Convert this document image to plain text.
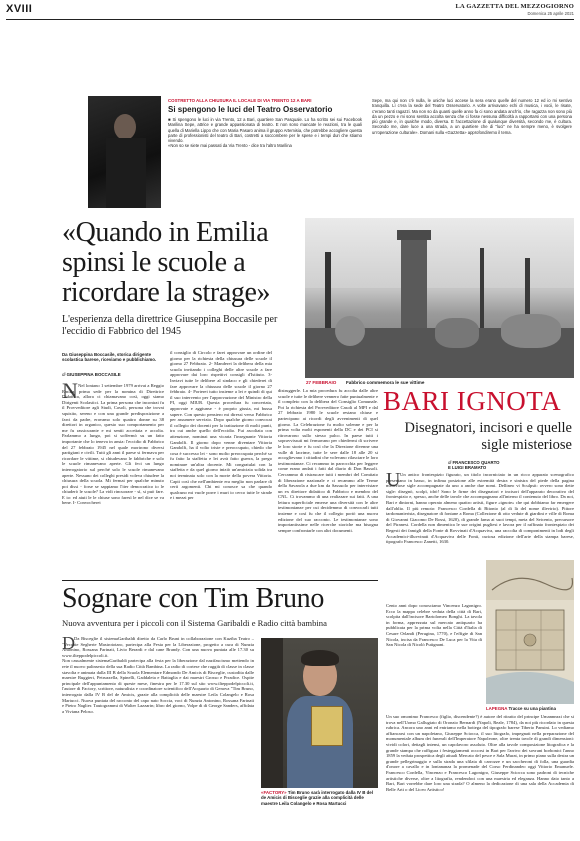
XVIII	LA GAZZETTA DEL MEZZOGIORNO
Domenica 25 aprile 2021
COSTRETTO ALLA CHIUSURA IL LOCALE DI VIA TRENTO 12 A BARI
Si spengono le luci del Teatro Osservatorio
■ Si spengono le luci in via Trento, 12 a Bari, quartiere San Pasquale. Lo ha scritto sei sui Facebook Marilina Sepe, attrice e grande appassionata di teatro. E non sono mancate le reazioni, tra le quali quella di Mariella Lippo che con Maria Pasaro anima il gruppo Artemisia, che potrebbe accogliere questa parte di professionisti del teatro di Bari, costretti a soccombere per le spese e i tempi duri che stiamo vivendo.
«Non so se siete mai passati da Via Trento - dice tra l'altro Marilina
Sepe, ma qui non c'è nulla, le uniche luci accese la sera erano quelle del numero 12 ed io mi sentivo tranquilla. Lì c'era la sede del Teatro Osservatorio. A volte arrivavano echi di musica, i vocii, le risate, c'erano tanti ragazzi. Ma non so da quanti quelle anno fa ci sono andata anch'io, che ragazza non sono più da un pezzo e mi sono sentita accolta senza che ci fosse nessuna difficoltà a rapportarsi con una persona più grande e, in qualche modo, diversa. E l'accettazione di qualunque diversità, secondo me, è cultura. Secondo me, dare luce a una strada, a un quartiere che di "luci" ne ha sempre meno, è svolgere un'operazione culturale». Domani sulla «Gazzetta» approfondiremo il tema.
«Quando in Emilia spinsi le scuole a ricordare la strage»
L'esperienza della direttrice Giuseppina Boccasile per l'eccidio di Fabbrico del 1945
27 FEBBRAIO Fabbrico commemora le sue vittime
Da Giuseppina Boccasile, storica dirigente scolastica barese, riceviamo e pubblichiamo.
di GIUSEPPINA BOCCASILE
N Nel lontano 1 settembre 1979 arrivai a Reggio Emilia, prima sede per la nomina di Direttrice Didattica, allora ci chiamavano così, oggi siamo Dirigenti Scolastici. La prima persona che incontrai fu il Provveditore agli Studi, Casoli, persona che trovai squisito, sereno e con una grande predisposizione a farci da padre, eravamo solo quattro donne su 38 direttori in organico, questo suo comportamento per me fu rassicurante e mi sentii accettata e accolta. Parlammo a lungo, poi si soffermò su un fatto importante che lo teneva in ansia: l'eccidio di Fabbrico del 27 febbraio 1945 nel quale morirono diversi partigiani e civili. Tutti gli anni il paese si fermava per ricordare le vittime, si chiudevano le fabbriche e solo le scuole rimanevano aperte. Gli feci un lungo interrogatorio sul perché solo le scuole rimanevano aperte. Nessuno dei colleghi presidi voleva chiudere la chiusura della scuola. Mi fermai per qualche minuto poi dissi - forse se sappiamo l'iter democratico io le chiuderò le scuole? La vidi rincuorare - sì, si può fare. E io: ed aiuti le le chiuse sono faresì le nel dice se va bene. I- Convocherei
il consiglio di Circolo e farei approvare un ordine del giorno per la richiesta della chiusura delle scuole il giorno 27 Febbraio. 2- Manderei la delibera della mia scuola invitando i colleghi delle altre scuole a fare approvare dai loro rispettivi consigli d'Istituto. 3- Inviavi tutte le delibere al sindaco e gli chiederei di fare approvare la chiusura delle scuole il giorno 27 febbraio. 4- Porterei tutto insieme a lei e quindi di qui il suo intervento per l'approvazione del Ministro della PI, oggi MIUR. Questa procedura fu concertata, approvate e aggiunse - è proprio giusta, mi bussa sapere. Con questo pensiero mi diressi verso Fabbrico per assumere servizio. Dopo qualche giorno convocai il collegio dei docenti per la trattazione di molti punti, tra cui anche quello dell'eccidio. Fui ascoltata con attenzione, nominai una vicaria l'insegnante Vittoria Gandolfi. Il giorno dopo venne diventare Vittoria Gandolfi, ha il volto triste e preoccupato, chiedo che cosa è successo lei - sono molto preoccupata perché so fu fatto la staffetta e lei avrà fatto guerra, la prego nominare un'altra docente. Mi congratulai con la staffetta e da quel giorno iniziò un'amicizia solida tra noi terminata solo con la morte della povera Vittoria. Capii così che nell'ambiente era meglio non parlare di certi argomenti. Chi mi conosce sa che quando qualcuno mi vuole porre i muri io cerco tutte le strade e i mezzi per
distruggerle. La mia procedura fu accolta dalle altre scuole e tutte le delibere vennero fatte puntualmente e il completo con la delibera del Consiglio Comunale. Poi la richiesta del Provveditore Casoli al MPI e dal 27 febbraio 1980 le scuole restano chiuse e partecipano ai ricordi degli avvenimenti di quel giorno. La Celebrazione fu molto solenne e per la prima volta molti esponenti della DC e dei PCI si ritrovarono sullo stesso palco. In paese tutti i sopravvissuti mi fermavano per chiedermi di scrivere le loro storie e fu così che la Direzione divenne una vulle di lacrime, tutte le sere dalle 18 alle 20 si accoglievano i cittadini che volevano rilasciare le loro testimonianze. Ci recammo in parrocchia per leggere come erano andati i fatti dal diario di Don Bassoli. Cercammo di ristrascare tutti i membri del Comitato di liberazione nazionale e ci recammo alle Terme della Savarola a due km da Sassuolo per intervistare un ex direttore didattico di Fabbrico e membro del CNL. Ci trovammo di una realizzare sui fatti. A una lettura superficiale emerse una diversità con le altre testimonianze per cui decidemmo di convocarli tutti insieme e così fu che il collegio portò una nuova edizione del suo racconto. Le testimonianze sono importantissime nelle ricerche storiche ma bisogna sempre confrontarle con altri documenti.
BARI IGNOTA
Disegnatori, incisori e quelle sigle misteriose
di FRANCESCO QUARTO
E LUIGI BRAMATO
U Un antico frontespizio figurato, un titolo incorniciato in un ricco apparato scenografico presentano in basso, in infima posizione alle estremità destra e sinistra del piede della pagina misteriose sigle accompagnate da uno a anche due nomi. Dellineo vi Sculpsit: ovvero sono dette sigle: disegnò, scolpì, idrò! Sono le firme dei disegnatori e incisori dell'apparato decorativo del frontespizio e, spesso, anche delle tavole che accompagnano all'interno il contenuto del libro. Da noi, Bari e dintorni, hanno operato almeno quattro artisti, figure «ignote» che qui dobbiamo far emergere dall'oblio. Il più remoto: Francesco Cordella di Bitonto (al di là del nome illevirio). Pittore tardomanierista, disegnatore di fontane a Roma (Collezione di otto vedute di giardini e ville di Roma di Giovanni Giacomo De Rossi, 1620), di grande fama ai suoi tempi, meta del Seicento, precursore del Piranesi. Cordella non dimentica le sue origini pugliesi e lavora per il raffinato frontespizio dei Regesti dei famigli della Fonte di Rovvinati d'Acquaviva, una raccolta di componimenti in lodi degli Accademici-illuvvinati d'Acquaviva delle Fonti, curiosa edizione dell'arte della stampa barese, tipografo Francesco Zanetti, 1630.
Cento anni dopo conosciamo Vincenzo Lagonigro. Ecco la mappa celebre veduta della città di Bari, scolpita dall'incisore Bartolomeo Bonghi. La tavola in forma, apprezzata sul mercato antiquario ha pubblicata per la prima volta nella Città d'Italia di Cesare Orlandi (Perugina, 1770), e l'effigie di San Nicola, incisa da Francesco De Luca per la Vita di San Nicola di Nicolò Putignani.
LAPEGNA Tracce su una piantina
Un suo omonimo Francesco (figlio, discendente?) è autore del ritratto del principe Umannnzzi che si trova nell'Uomo Gallugiato di Oronzio Bernardi (Napoli, Reale, 1784), da noi più ricordato in questa rubrica. Ancora uno anni ed entriamo nella bottega del tipografo barese Tiberio Pansini. Lo vediamo affiancarsi con un napoletano, Giuseppe Sciocca, il suo litografo, impegnati nella preparazione del monumentale album dei funerali dell'Imperatore Napoleone, oltre trenta tavole di grandi dimensioni: vividi colori, dettagli intensi, un capolavoro assoluto. Oltre alla tavole composizione litografica e la grande stampa che raffigura i festeggiamenti occorsi in Bari per l'arrivo dei sovrani borbonici l'anno 1859 la veduta prospettica degli attuali Mercato del pesce e Sala Murat, in primo piano sulla destra un grande pellegrinaggio e sulla strada una sfilata di carrozze e un saccheroni di folla, una guardia d'onore a cavallo e in lontananza la promenade del Corso Ferdinandeo oggi Vittorio Emanuele. Francesco Cordella, Vincenzo e Francesco Lagonigro, Giuseppe Sciocca sono padroni di tecniche artistiche diverse, oltre a litografia, rendendoci con una maestria ed eleganza. Hanno dato tanto a Bari, Bari vorrebbe dare loro una strada? O almeno la dedicazione di una sala della Accademia di Belle Arti o del Liceo Artistico!
Sognare con Tim Bruno
Nuova avventura per i piccoli con il Sistema Garibaldi e Radio città bambina
D Da Bisceglie il sistemaGaribaldi diretto da Carlo Bruni in collaborazione con Kuziba Teatro – "Vecchie Segherie Mastrototaro, partecipa alla Festa per la Liberazione, progetto a cura di Nunzia Antonino, Rossana Farinati, Livio Berardi e dal cane Brandy. Con una nuova puntata alle 17.30 su www.ilteppodelpiccoli.it.
Non casualmente sistemaGaribaldi partecipa alla festa per la liberazione dal nazifascismo mettendo in rete il nuovo palinsesto della sua Radio Città Bambina. La radio di cortese che raggiù di classe in classe stavolta e animata dalla III B della Scuola Elementare Edmondo De Amicis di Bisceglie, custodita dalle maestre Ruggieri, Petruzzella, Spinelli, Gaddaleta e Battaglia e dai maestri Grosso e Prradice. Ospite principale dell'appuntamento di queste mese, finestra per le 17.30 sul sito www.ilteppodelpiccoli.it, l'autore di Factory, scrittore, naturalista e coordinatore scientifico dell'Acquario di Genova "Tim Bruno, interrogato dalla IV B del de Amicis, grazie alla complicità delle maestre Leila Colangelo e Rosa Martucci. Nuova puntata del racconto del capo nato Soccia, voci di Nunzia Antonino, Rossana Farinati e Pietro Naglier. Tautogrammi di Walter Lazzarin; libro del giorno, Volpe di di George Sanders, affidata a Viviana Peloso.
«FACTORY» Tim Bruno sarà interrogato dalla IV B del de Amicis di Bisceglie grazie alla complicità delle maestre Leila Colangelo e Rosa Martucci
